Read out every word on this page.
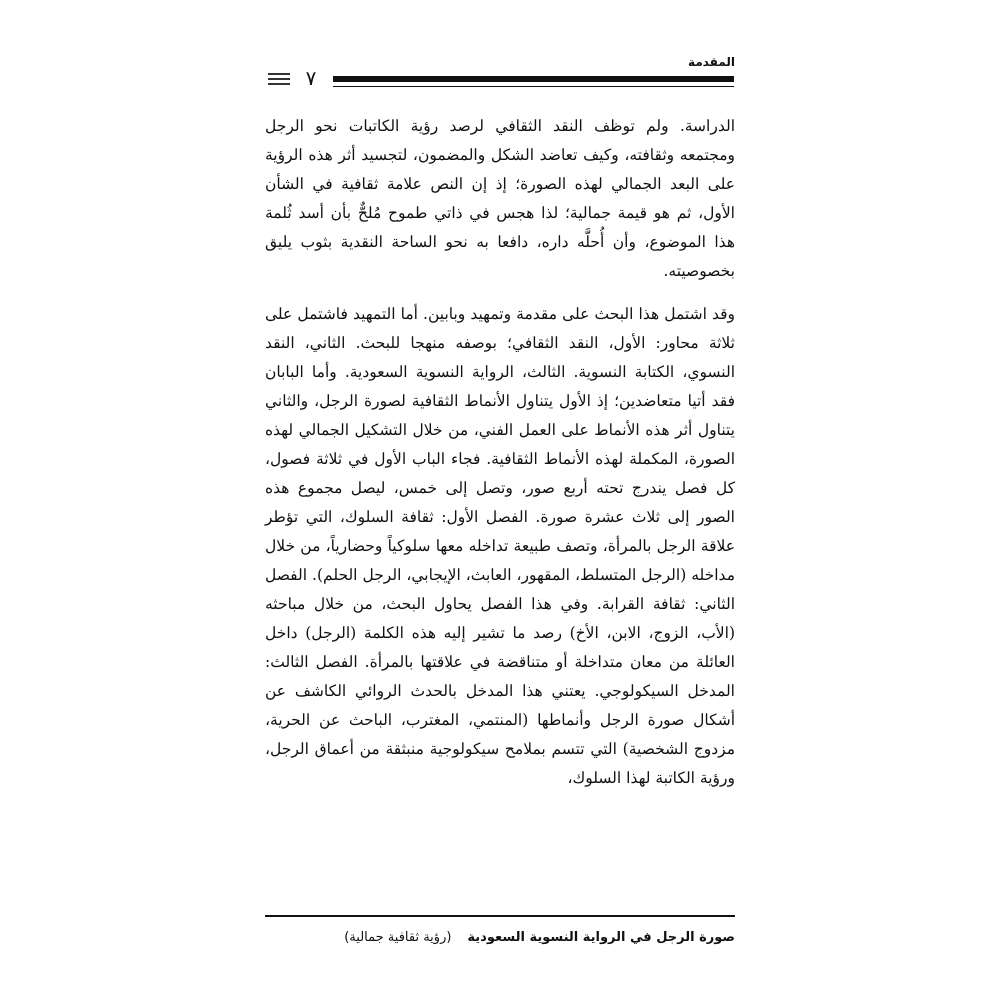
المقدمة
٧

الدراسة. ولم توظف النقد الثقافي لرصد رؤية الكاتبات نحو الرجل ومجتمعه وثقافته، وكيف تعاضد الشكل والمضمون، لتجسيد أثر هذه الرؤية على البعد الجمالي لهذه الصورة؛ إذ إن النص علامة ثقافية في الشأن الأول، ثم هو قيمة جمالية؛ لذا هجس في ذاتي طموح مُلحٌّ بأن أسد ثُلمة هذا الموضوع، وأن أُحلَّه داره، دافعا به نحو الساحة النقدية بثوب يليق بخصوصيته.

وقد اشتمل هذا البحث على مقدمة وتمهيد وبابين. أما التمهيد فاشتمل على ثلاثة محاور: الأول، النقد الثقافي؛ بوصفه منهجا للبحث. الثاني، النقد النسوي، الكتابة النسوية. الثالث، الرواية النسوية السعودية. وأما البابان فقد أتيا متعاضدين؛ إذ الأول يتناول الأنماط الثقافية لصورة الرجل، والثاني يتناول أثر هذه الأنماط على العمل الفني، من خلال التشكيل الجمالي لهذه الصورة، المكملة لهذه الأنماط الثقافية. فجاء الباب الأول في ثلاثة فصول، كل فصل يندرج تحته أربع صور، وتصل إلى خمس، ليصل مجموع هذه الصور إلى ثلاث عشرة صورة. الفصل الأول: ثقافة السلوك، التي تؤطر علاقة الرجل بالمرأة، وتصف طبيعة تداخله معها سلوكياً وحضارياً، من خلال مداخله (الرجل المتسلط، المقهور، العابث، الإيجابي، الرجل الحلم). الفصل الثاني: ثقافة القرابة. وفي هذا الفصل يحاول البحث، من خلال مباحثه (الأب، الزوج، الابن، الأخ) رصد ما تشير إليه هذه الكلمة (الرجل) داخل العائلة من معان متداخلة أو متناقضة في علاقتها بالمرأة. الفصل الثالث: المدخل السيكولوجي. يعتني هذا المدخل بالحدث الروائي الكاشف عن أشكال صورة الرجل وأنماطها (المنتمي، المغترب، الباحث عن الحرية، مزدوج الشخصية) التي تتسم بملامح سيكولوجية منبثقة من أعماق الرجل، ورؤية الكاتبة لهذا السلوك،

صورة الرجل في الرواية النسوية السعودية(رؤية ثقافية جمالية)
